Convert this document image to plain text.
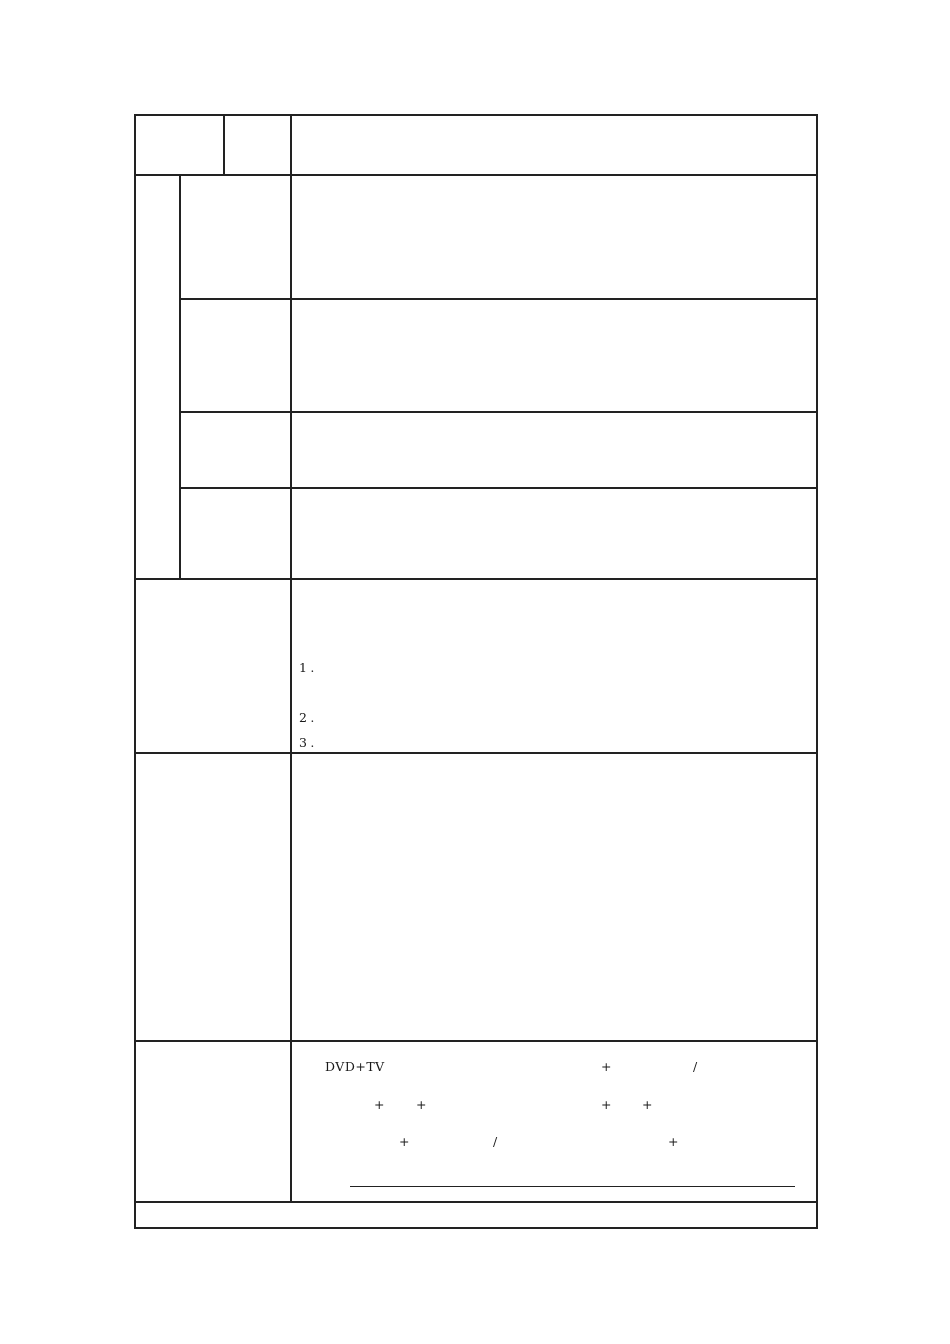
1.
2.
3.
DVD+TV	+	/
+ +	+ +
+	/	+
